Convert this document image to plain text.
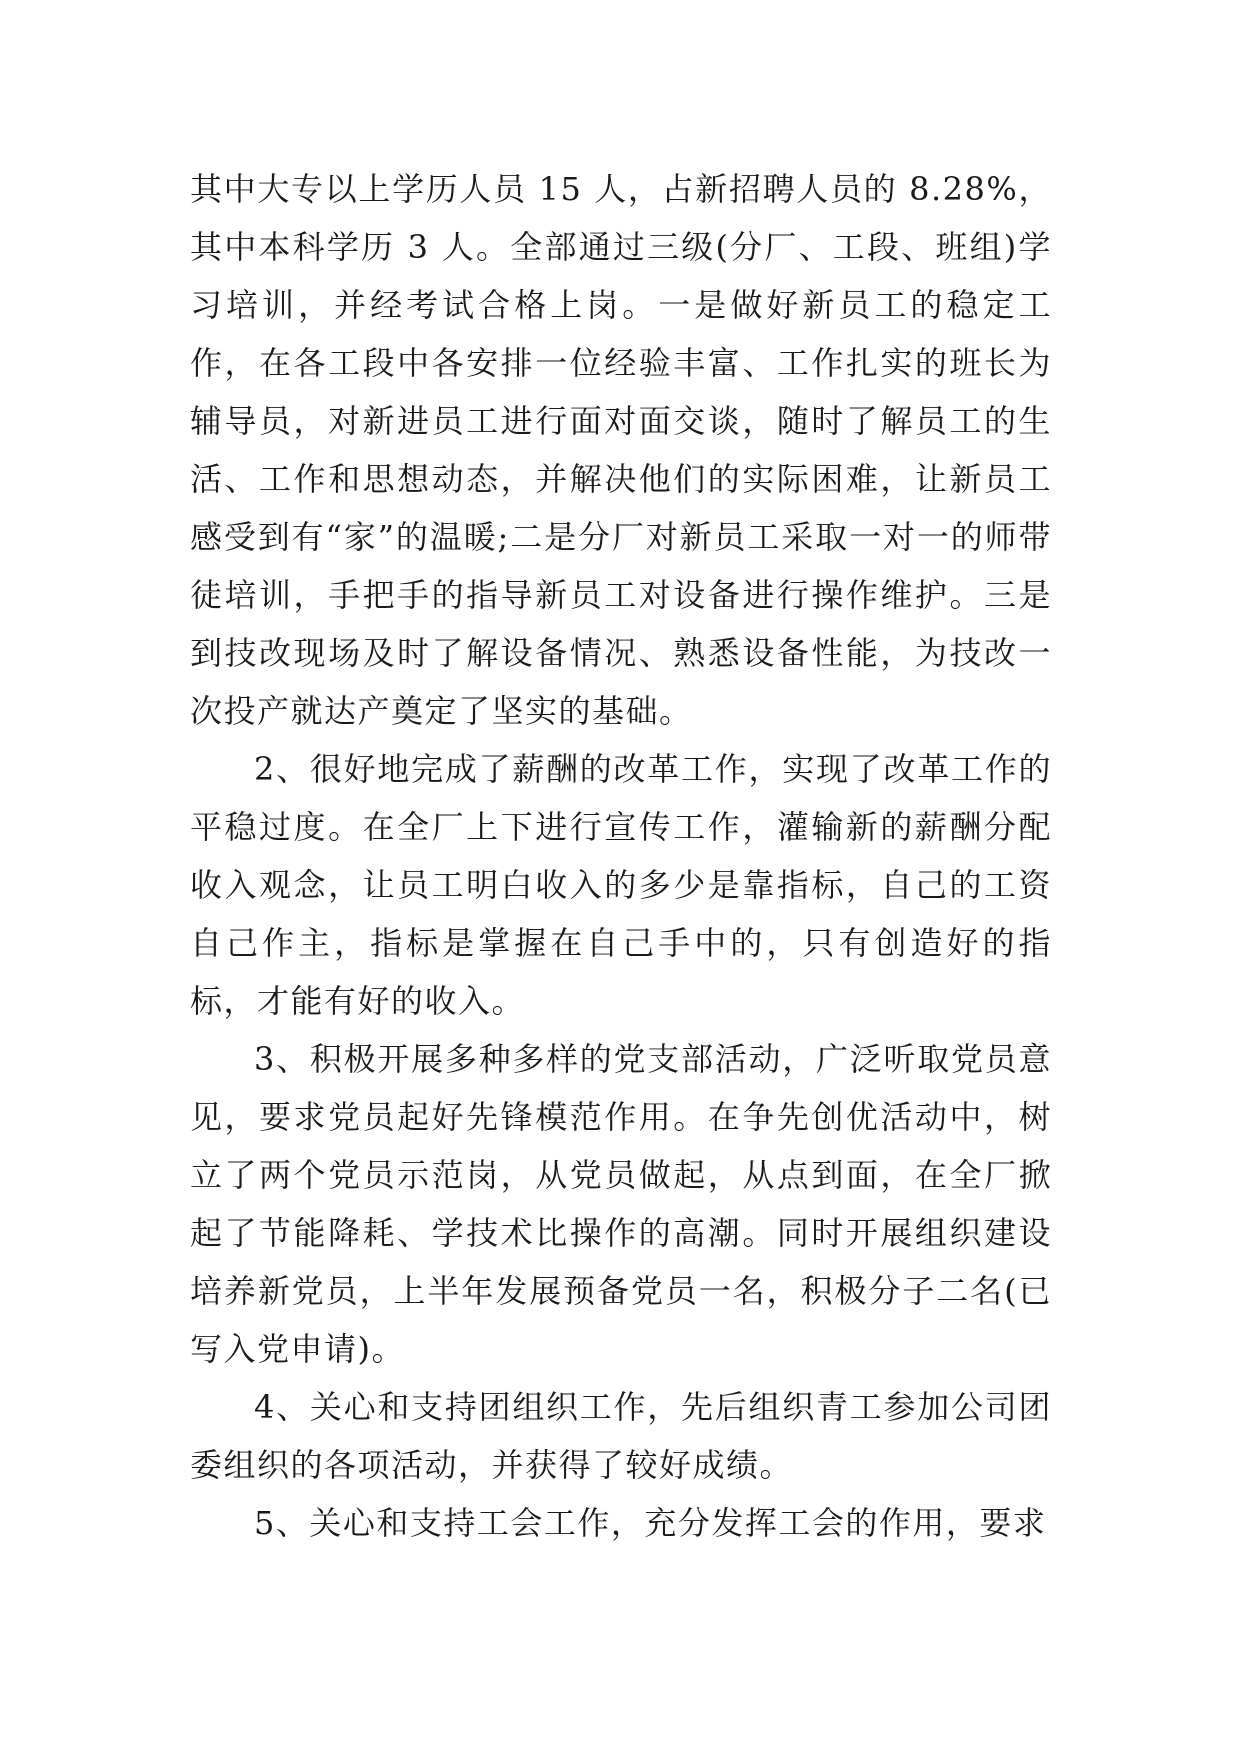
其中大专以上学历人员 15 人，占新招聘人员的 8.28%，其中本科学历 3 人。全部通过三级(分厂、工段、班组)学习培训，并经考试合格上岗。一是做好新员工的稳定工作，在各工段中各安排一位经验丰富、工作扎实的班长为辅导员，对新进员工进行面对面交谈，随时了解员工的生活、工作和思想动态，并解决他们的实际困难，让新员工感受到有“家”的温暖;二是分厂对新员工采取一对一的师带徒培训，手把手的指导新员工对设备进行操作维护。三是到技改现场及时了解设备情况、熟悉设备性能，为技改一次投产就达产奠定了坚实的基础。

2、很好地完成了薪酬的改革工作，实现了改革工作的平稳过度。在全厂上下进行宣传工作，灌输新的薪酬分配收入观念，让员工明白收入的多少是靠指标，自己的工资自己作主，指标是掌握在自己手中的，只有创造好的指标，才能有好的收入。

3、积极开展多种多样的党支部活动，广泛听取党员意见，要求党员起好先锋模范作用。在争先创优活动中，树立了两个党员示范岗，从党员做起，从点到面，在全厂掀起了节能降耗、学技术比操作的高潮。同时开展组织建设培养新党员，上半年发展预备党员一名，积极分子二名(已写入党申请)。

4、关心和支持团组织工作，先后组织青工参加公司团委组织的各项活动，并获得了较好成绩。

5、关心和支持工会工作，充分发挥工会的作用，要求
